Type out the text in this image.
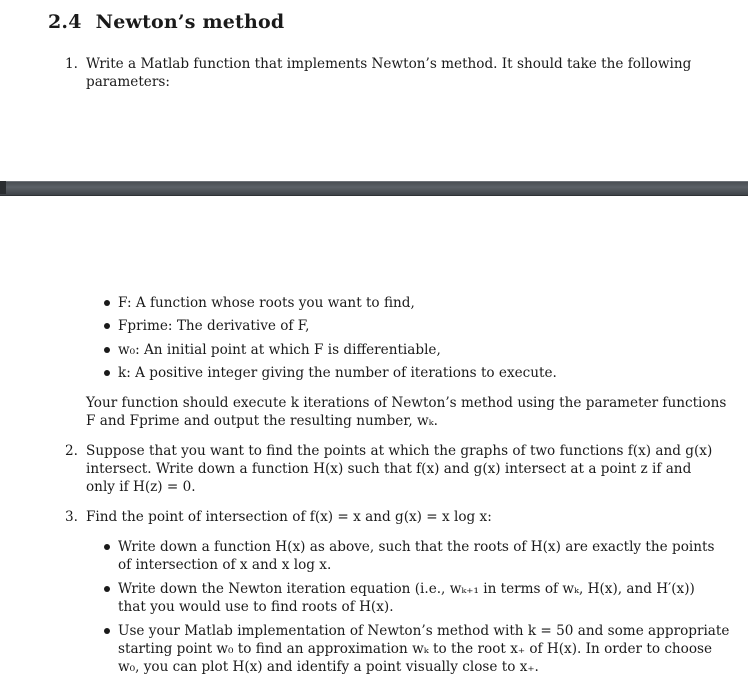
2.4 Newton’s method
1. Write a Matlab function that implements Newton’s method. It should take the following
parameters:
F: A function whose roots you want to find,
Fprime: The derivative of F,
w₀: An initial point at which F is differentiable,
k: A positive integer giving the number of iterations to execute.
Your function should execute k iterations of Newton’s method using the parameter functions
F and Fprime and output the resulting number, wₖ.
2. Suppose that you want to find the points at which the graphs of two functions f(x) and g(x)
intersect. Write down a function H(x) such that f(x) and g(x) intersect at a point z if and
only if H(z) = 0.
3. Find the point of intersection of f(x) = x and g(x) = x log x:
Write down a function H(x) as above, such that the roots of H(x) are exactly the points
of intersection of x and x log x.
Write down the Newton iteration equation (i.e., wₖ₊₁ in terms of wₖ, H(x), and H′(x))
that you would use to find roots of H(x).
Use your Matlab implementation of Newton’s method with k = 50 and some appropriate
starting point w₀ to find an approximation wₖ to the root x₊ of H(x). In order to choose
w₀, you can plot H(x) and identify a point visually close to x₊.
